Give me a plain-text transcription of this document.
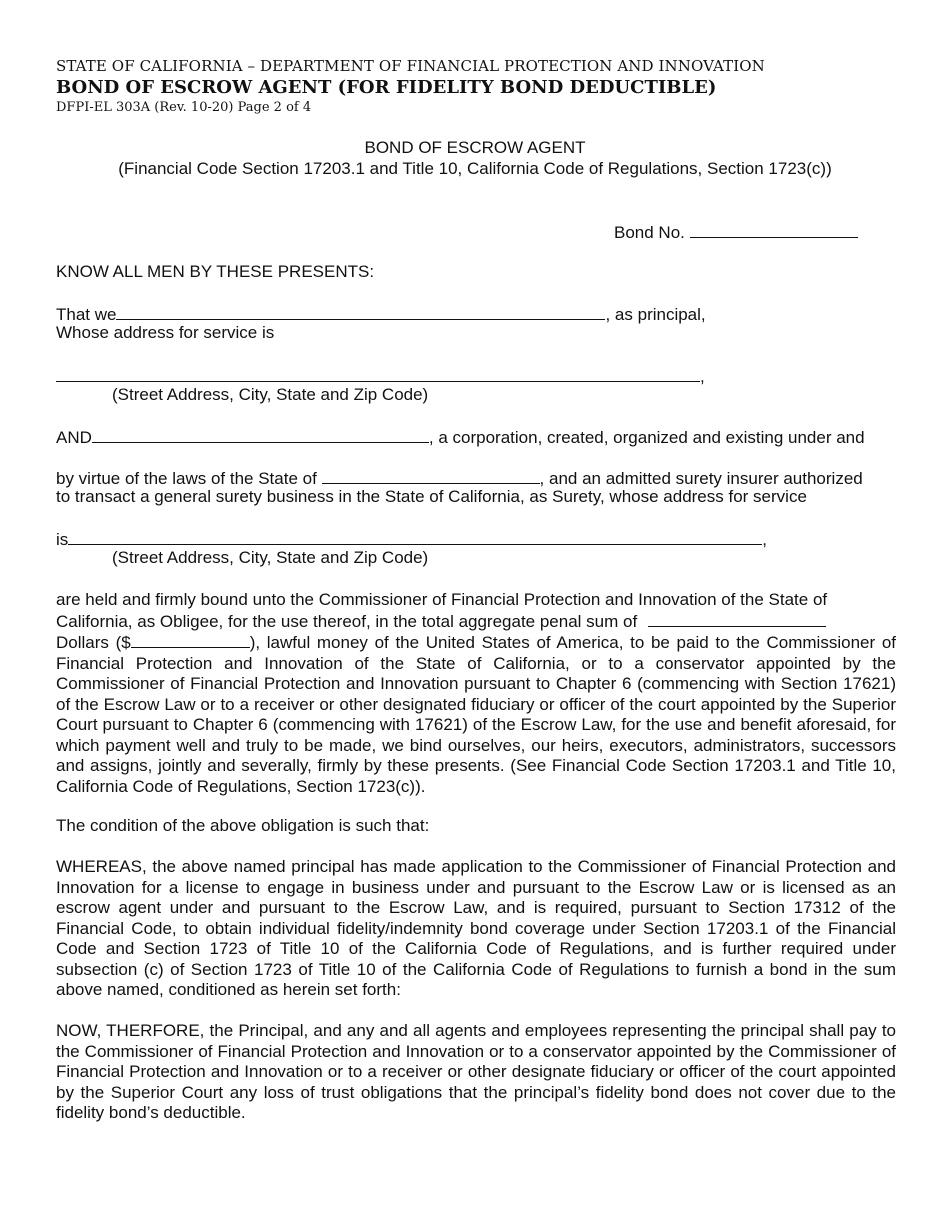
STATE OF CALIFORNIA – DEPARTMENT OF FINANCIAL PROTECTION AND INNOVATION
BOND OF ESCROW AGENT (FOR FIDELITY BOND DEDUCTIBLE)
DFPI-EL 303A (Rev. 10-20) Page 2 of 4
BOND OF ESCROW AGENT
(Financial Code Section 17203.1 and Title 10, California Code of Regulations, Section 1723(c))
Bond No.
KNOW ALL MEN BY THESE PRESENTS:
That we	, as principal,
Whose address for service is
,
(Street Address, City, State and Zip Code)
AND	, a corporation, created, organized and existing under and
by virtue of the laws of the State of	, and an admitted surety insurer authorized
to transact a general surety business in the State of California, as Surety, whose address for service
is	,
(Street Address, City, State and Zip Code)
are held and firmly bound unto the Commissioner of Financial Protection and Innovation of the State of
California, as Obligee, for the use thereof, in the total aggregate penal sum of
Dollars ($	), lawful money of the United States of America, to be paid to the Commissioner of Financial Protection and Innovation of the State of California, or to a conservator appointed by the Commissioner of Financial Protection and Innovation pursuant to Chapter 6 (commencing with Section 17621) of the Escrow Law or to a receiver or other designated fiduciary or officer of the court appointed by the Superior Court pursuant to Chapter 6 (commencing with 17621) of the Escrow Law, for the use and benefit aforesaid, for which payment well and truly to be made, we bind ourselves, our heirs, executors, administrators, successors and assigns, jointly and severally, firmly by these presents. (See Financial Code Section 17203.1 and Title 10, California Code of Regulations, Section 1723(c)).
The condition of the above obligation is such that:
WHEREAS, the above named principal has made application to the Commissioner of Financial Protection and Innovation for a license to engage in business under and pursuant to the Escrow Law or is licensed as an escrow agent under and pursuant to the Escrow Law, and is required, pursuant to Section 17312 of the Financial Code, to obtain individual fidelity/indemnity bond coverage under Section 17203.1 of the Financial Code and Section 1723 of Title 10 of the California Code of Regulations, and is further required under subsection (c) of Section 1723 of Title 10 of the California Code of Regulations to furnish a bond in the sum above named, conditioned as herein set forth:
NOW, THERFORE, the Principal, and any and all agents and employees representing the principal shall pay to the Commissioner of Financial Protection and Innovation or to a conservator appointed by the Commissioner of Financial Protection and Innovation or to a receiver or other designate fiduciary or officer of the court appointed by the Superior Court any loss of trust obligations that the principal’s fidelity bond does not cover due to the fidelity bond’s deductible.
